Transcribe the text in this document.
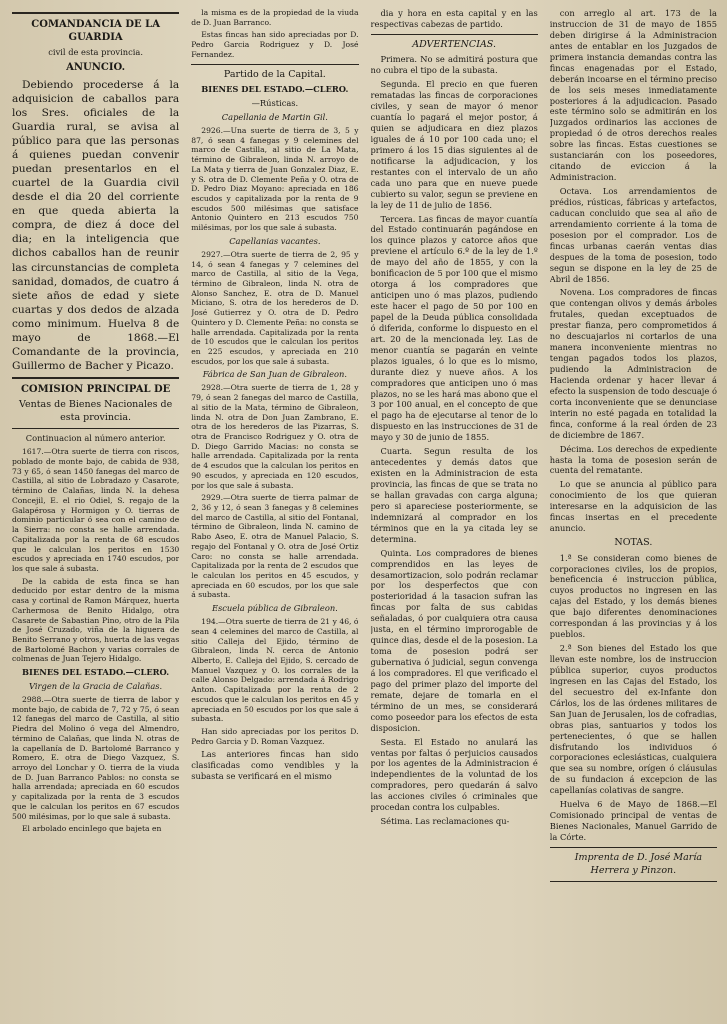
COMANDANCIA DE LA GUARDIA

civil de esta provincia.

ANUNCIO.

Debiendo procederse á la adquisicion de caballos para los Sres. oficiales de la Guardia rural, se avisa al público para que las personas á quienes puedan convenir puedan presentarlos en el cuartel de la Guardia civil desde el dia 20 del corriente en que queda abierta la compra, de diez á doce del dia; en la inteligencia que dichos caballos han de reunir las circunstancias de completa sanidad, domados, de cuatro á siete años de edad y siete cuartas y dos dedos de alzada como minimum. Huelva 8 de mayo de 1868.—El Comandante de la provincia, Guillermo de Bacher y Picazo.

COMISION PRINCIPAL DE

Ventas de Bienes Nacionales de esta provincia.

Continuacion al número anterior.

1617.—Otra suerte de tierra con riscos, poblado de monte bajo, de cabida de 938, 73 y 65, ó sean 1450 fanegas del marco de Castilla, al sitio de Lobradazo y Casarote, término de Calañas, linda N. la dehesa Concejil, E. el rio Odiel, S. regajo de la Galapérosa y Hormigon y O. tierras de dominio particular ó sea con el camino de la Sierra: no consta se halle arrendada. Capitalizada por la renta de 68 escudos que le calculan los peritos en 1530 escudos y apreciada en 1740 escudos, por los que sale á subasta.

De la cabida de esta finca se han deducido por estar dentro de la misma casa y cortinal de Ramon Márquez, huerta Carhermosa de Benito Hidalgo, otra Casarete de Sabastian Pino, otro de la Pila de José Cruzado, viña de la higuera de Benito Serrano y otros, huerta de las vegas de Bartolomé Bachon y varias corrales de colmenas de Juan Tejero Hidalgo.

BIENES DEL ESTADO.—CLERO.

Virgen de la Gracia de Calañas.

2988.—Otra suerte de tierra de labor y monte bajo, de cabida de 7, 72 y 75, ó sean 12 fanegas del marco de Castilla, al sitio Piedra del Molino ó vega del Almendro, término de Calañas, que linda N. otras de la capellanía de D. Bartolomé Barranco y Romero, E. otra de Diego Vazquez, S. arroyo del Lonchar y O. tierra de la viuda de D. Juan Barranco Pablos: no consta se halla arrendada; apreciada en 60 escudos y capitalizada por la renta de 3 escudos que le calculan los peritos en 67 escudos 500 milésimas, por lo que sale á subasta.

El arbolado encinIego que bajeta en

la misma es de la propiedad de la viuda de D. Juan Barranco.

Estas fincas han sido apreciadas por D. Pedro Garcia Rodriguez y D. José Fernandez.

Partido de la Capital.

BIENES DEL ESTADO.—CLERO.

—Rústicas.

Capellania de Martin Gil.

2926.—Una suerte de tierra de 3, 5 y 87, ó sean 4 fanegas y 9 celemines del marco de Castilla, al sitio de La Mata, término de Gibraleon, linda N. arroyo de La Mata y tierra de Juan Gonzalez Diaz, E. y S. otra de D. Clemente Peña y O. otra de D. Pedro Diaz Moyano: apreciada en 186 escudos y capitalizada por la renta de 9 escudos 500 milésimas que satisface Antonio Quintero en 213 escudos 750 milésimas, por los que sale á subasta.

Capellanias vacantes.

2927.—Otra suerte de tierra de 2, 95 y 14, ó sean 4 fanegas y 7 celemines del marco de Castilla, al sitio de la Vega, término de Gibraleon, linda N. otra de Alonso Sanchez, E. otra de D. Manuel Miciano, S. otra de los herederos de D. José Gutierrez y O. otra de D. Pedro Quintero y D. Clemente Peña: no consta se halle arrendada. Capitalizada por la renta de 10 escudos que le calculan los peritos en 225 escudos, y apreciada en 210 escudos, por los que sale á subasta.

Fábrica de San Juan de Gibraleon.

2928.—Otra suerte de tierra de 1, 28 y 79, ó sean 2 fanegas del marco de Castilla, al sitio de la Mata, término de Gibraleon, linda N. otra de Don Juan Zambrano, E. otra de los herederos de las Pizarras, S. otra de Francisco Rodriguez y O. otra de D. Diego Garrido Macias: no consta se halle arrendada. Capitalizada por la renta de 4 escudos que la calculan los peritos en 90 escudos, y apreciada en 120 escudos, por los que sale á subasta.

2929.—Otra suerte de tierra palmar de 2, 36 y 12, ó sean 3 fanegas y 8 celemines del marco de Castilla, al sitio del Fontanal, término de Gibraleon, linda N. camino de Rabo Aseo, E. otra de Manuel Palacio, S. regajo del Fontanal y O. otra de José Ortiz Caro: no consta se halle arrendada. Capitalizada por la renta de 2 escudos que le calculan los peritos en 45 escudos, y apreciada en 60 escudos, por los que sale á subasta.

Escuela pública de Gibraleon.

194.—Otra suerte de tierra de 21 y 46, ó sean 4 celemines del marco de Castilla, al sitio Calleja del Ejido, término de Gibraleon, linda N. cerca de Antonio Alberto, E. Calleja del Ejido, S. cercado de Manuel Vazquez y O. los corrales de la calle Alonso Delgado: arrendada á Rodrigo Anton. Capitalizada por la renta de 2 escudos que le calculan los peritos en 45 y apreciada en 50 escudos por los que sale á subasta.

Han sido apreciadas por los peritos D. Pedro Garcia y D. Roman Vazquez.

Las anteriores fincas han sido clasificadas como vendibles y la subasta se verificará en el mismo

dia y hora en esta capital y en las respectivas cabezas de partido.

ADVERTENCIAS.

Primera. No se admitirá postura que no cubra el tipo de la subasta.

Segunda. El precio en que fueren rematadas las fincas de corporaciones civiles, y sean de mayor ó menor cuantía lo pagará el mejor postor, á quien se adjudicara en diez plazos iguales de á 10 por 100 cada uno; el primero á los 15 dias siguientes al de notificarse la adjudicacion, y los restantes con el intervalo de un año cada uno para que en nueve puede cubierto su valor, segun se previene en la ley de 11 de julio de 1856.

Tercera. Las fincas de mayor cuantía del Estado continuarán pagándose en los quince plazos y catorce años que previene el artículo 6.º de la ley de 1.º de mayo del año de 1855, y con la bonificacion de 5 por 100 que el mismo otorga á los compradores que anticipen uno ó mas plazos, pudiendo este hacer el pago de 50 por 100 en papel de la Deuda pública consolidada ó diferida, conforme lo dispuesto en el art. 20 de la mencionada ley. Las de menor cuantía se pagarán en veinte plazos iguales, ó lo que es lo mismo, durante diez y nueve años. A los compradores que anticipen uno ó mas plazos, no se les hará mas abono que el 3 por 100 anual, en el concepto de que el pago ha de ejecutarse al tenor de lo dispuesto en las instrucciones de 31 de mayo y 30 de junio de 1855.

Cuarta. Segun resulta de los antecedentes y demás datos que existen en la Administracion de esta provincia, las fincas de que se trata no se hallan gravadas con carga alguna; pero si apareciese posteriormente, se indemnizará al comprador en los términos que en la ya citada ley se determina.

Quinta. Los compradores de bienes comprendidos en las leyes de desamortizacion, solo podrán reclamar por los desperfectos que con posterioridad á la tasacion sufran las fincas por falta de sus cabidas señaladas, ó por cualquiera otra causa justa, en el término improrogable de quince dias, desde el de la posesion. La toma de posesion podrá ser gubernativa ó judicial, segun convenga á los compradores. El que verificado el pago del primer plazo del importe del remate, dejare de tomarla en el término de un mes, se considerará como poseedor para los efectos de esta disposicion.

Sesta. El Estado no anulará las ventas por faltas ó perjuicios causados por los agentes de la Administracion é independientes de la voluntad de los compradores, pero quedarán á salvo las acciones civiles ó criminales que procedan contra los culpables.

Sétima. Las reclamaciones qu-

con arreglo al art. 173 de la instruccion de 31 de mayo de 1855 deben dirigirse á la Administracion antes de entablar en los Juzgados de primera instancia demandas contra las fincas enagenadas por el Estado, deberán incoarse en el término preciso de los seis meses inmediatamente posteriores á la adjudicacion. Pasado este término solo se admitirán en los Juzgados ordinarios las acciones de propiedad ó de otros derechos reales sobre las fincas. Estas cuestiones se sustanciarán con los poseedores, citando de eviccion á la Administracion.

Octava. Los arrendamientos de prédios, rústicas, fábricas y artefactos, caducan concluido que sea al año de arrendamiento corriente á la toma de posesion por el comprador. Los de fincas urbanas caerán ventas dias despues de la toma de posesion, todo segun se dispone en la ley de 25 de Abril de 1856.

Novena. Los compradores de fincas que contengan olivos y demás árboles frutales, quedan exceptuados de prestar fianza, pero comprometidos á no descuajarlos ni cortarlos de una manera inconveniente mientras no tengan pagados todos los plazos, pudiendo la Administracion de Hacienda ordenar y hacer llevar á efecto la suspension de todo descuaje ó corta inconveniente que se denunciase interin no esté pagada en totalidad la finca, conforme á la real órden de 23 de diciembre de 1867.

Décima. Los derechos de expediente hasta la toma de posesion serán de cuenta del rematante.

Lo que se anuncia al público para conocimiento de los que quieran interesarse en la adquisicion de las fincas insertas en el precedente anuncio.

NOTAS.

1.ª Se consideran como bienes de corporaciones civiles, los de propios, beneficencia é instruccion pública, cuyos productos no ingresen en las cajas del Estado, y los demás bienes que bajo diferentes denominaciones correspondan á las provincias y á los pueblos.

2.ª Son bienes del Estado los que llevan este nombre, los de instruccion pública superior, cuyos productos ingresen en las Cajas del Estado, los del secuestro del ex-Infante don Cárlos, los de las órdenes militares de San Juan de Jerusalen, los de cofradias, obras pias, santuarios y todos los pertenecientes, ó que se hallen disfrutando los individuos ó corporaciones eclesiásticas, cualquiera que sea su nombre, orígen ó cláusulas de su fundacion á excepcion de las capellanías colativas de sangre.

Huelva 6 de Mayo de 1868.—El Comisionado principal de ventas de Bienes Nacionales, Manuel Garrido de la Córte.

Imprenta de D. José María Herrera y Pinzon.
